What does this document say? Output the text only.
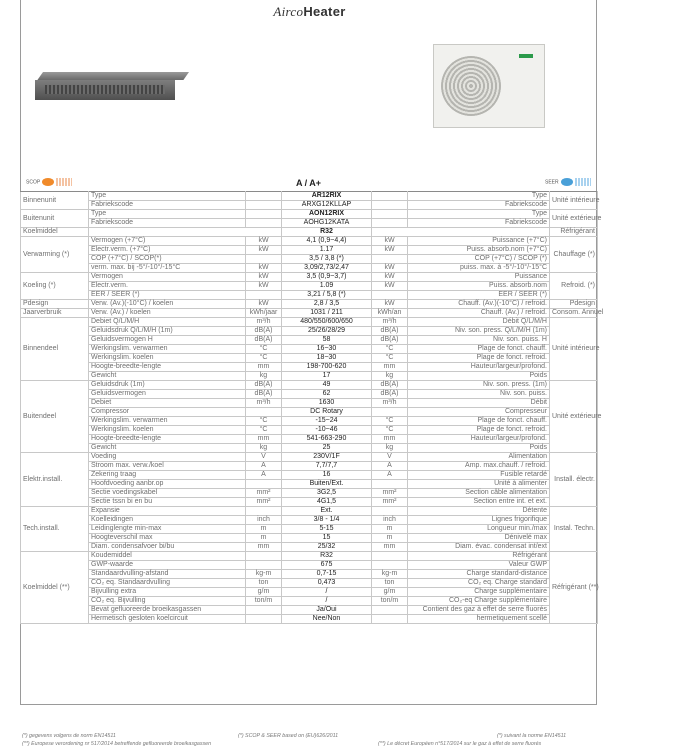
AircoHeater
SCOP	SEER
A / A+
Binnenunit	Type		AR12RIX		Type	Unité intérieure
	Fabriekscode		ARXG12KLLAP		Fabriekscode	
Buitenunit	Type		AON12RIX		Type	Unité extérieure
	Fabriekscode		AOHG12KATA		Fabriekscode	
Koelmiddel			R32			Réfrigérant
Verwarming (*)	Vermogen (+7°C)	kW	4,1 (0,9~4,4)	kW	Puissance (+7°C)	Chauffage (*)
	Electr.verm. (+7°C)	kW	1.17	kW	Puiss. absorb.nom (+7°C)	
	COP (+7°C) / SCOP(*)		3,5 / 3,8 (*)		COP (+7°C) / SCOP (*)	
	verm. max. bij -5°/-10°/-15°C	kW	3,09/2,73/2,47	kW	puiss. max. à -5°/-10°/-15°C	
Koeling (*)	Vermogen	kW	3,5 (0,9~3,7)	kW	Puissance	Refroid. (*)
	Electr.verm.	kW	1.09	kW	Puiss. absorb.nom	
	EER / SEER (*)		3,21 / 5,8 (*)		EER / SEER (*)	
Pdesign	Verw. (Av.)(-10°C) / koelen	kW	2,8 / 3,5	kW	Chauff. (Av.)(-10°C) / refroid.	Pdesign
Jaarverbruik	Verw. (Av.) / koelen	kWh/jaar	1031 / 211	kWh/an	Chauff. (Av.) / refroid.	Consom. Annuel
Binnendeel	Debiet Q/L/M/H	m³/h	480/550/600/650	m³/h	Débit Q/L/M/H	Unité intérieure
	Geluidsdruk Q/L/M/H (1m)	dB(A)	25/26/28/29	dB(A)	Niv. son. press. Q/L/M/H (1m)	
	Geluidsvermogen H	dB(A)	58	dB(A)	Niv. son. puiss. H	
	Werkingslim. verwarmen	°C	16~30	°C	Plage de fonct. chauff.	
	Werkingslim. koelen	°C	18~30	°C	Plage de fonct. refroid.	
	Hoogte-breedte-lengte	mm	198-700-620	mm	Hauteur/largeur/profond.	
	Gewicht	kg	17	kg	Poids	
Buitendeel	Geluidsdruk (1m)	dB(A)	49	dB(A)	Niv. son. press. (1m)	Unité extérieure
	Geluidsvermogen	dB(A)	62	dB(A)	Niv. son. puiss.	
	Debiet	m³/h	1630	m³/h	Débit	
	Compressor		DC Rotary		Compresseur	
	Werkingslim. verwarmen	°C	-15~24	°C	Plage de fonct. chauff.	
	Werkingslim. koelen	°C	-10~46	°C	Plage de fonct. refroid.	
	Hoogte-breedte-lengte	mm	541-663-290	mm	Hauteur/largeur/profond.	
	Gewicht	kg	25	kg	Poids	
Elektr.install.	Voeding	V	230V/1F	V	Alimentation	Install. électr.
	Stroom max. verw./koel	A	7,7/7,7	A	Amp. max.chauff. / refroid.	
	Zekering traag	A	16	A	Fusible retardé	
	Hoofdvoeding aanbr.op		Buiten/Ext.		Unité à alimenter	
	Sectie voedingskabel	mm²	3G2,5	mm²	Section câble alimentation	
	Sectie tssn bi en bu	mm²	4G1,5	mm²	Section entre int. et ext.	
Tech.install.	Expansie		Ext.		Détente	Instal. Techn.
	Koelleidingen	inch	3/8 - 1/4	inch	Lignes frigorifique	
	Leidinglengte min-max	m	5-15	m	Longueur min./max	
	Hoogteverschil max	m	15	m	Dénivelé max	
	Diam. condensafvoer bi/bu	mm	25/32	mm	Diam. évac. condensat int/ext	
Koelmiddel (**)	Koudemiddel		R32		Réfrigérant	Réfrigérant (**)
	GWP-waarde		675		Valeur GWP	
	Standaardvulling-afstand	kg-m	0,7-15	kg-m	Charge standard-distance	
	CO₂ eq. Standaardvulling	ton	0,473	ton	CO₂ eq. Charge standard	
	Bijvulling extra	g/m	/	g/m	Charge supplémentaire	
	CO₂ eq. Bijvulling	ton/m	/	ton/m	CO₂-eq Charge supplémentaire	
	Bevat gefluoreerde broeikasgassen		Ja/Oui		Contient des gaz à effet de serre fluorés	
	Hermetisch gesloten koelcircuit		Nee/Non		hermetiquement scellé	
(*) gegevens volgens de norm EN14511	(*) SCOP & SEER based on (EU)626/2011	(*) suivant la norme EN14511
(**) Europese verordening nr 517/2014 betreffende gefluoreerde broeikasgassen	(**) Le décret Européen n°517/2014 sur le gaz à effet de serre fluorés
